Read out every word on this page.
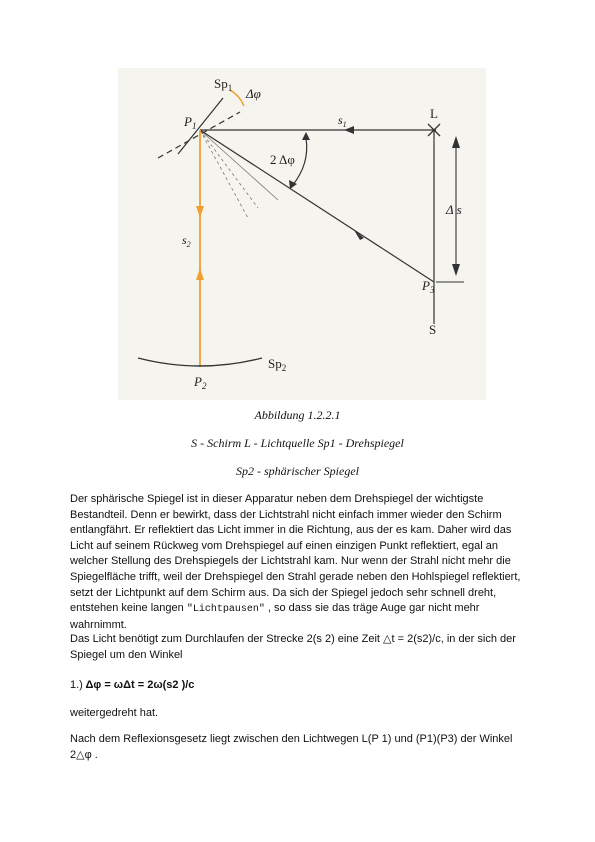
$Sp_1$ Δφ
$P_1$	$s_1$
L
2 Δφ
Δ s
$s_2$
$P_3$
S
$Sp_2$
$P_2$
Abbildung 1.2.2.1
S - Schirm L - Lichtquelle Sp1 - Drehspiegel
Sp2 - sphärischer Spiegel

Der sphärische Spiegel ist in dieser Apparatur neben dem Drehspiegel der wichtigste

Bestandteil. Denn er bewirkt, dass der Lichtstrahl nicht einfach immer wieder den Schirm

entlangfährt. Er reflektiert das Licht immer in die Richtung, aus der es kam. Daher wird das

Licht auf seinem Rückweg vom Drehspiegel auf einen einzigen Punkt reflektiert, egal an

welcher Stellung des Drehspiegels der Lichtstrahl kam. Nur wenn der Strahl nicht mehr die

Spiegelfläche trifft, weil der Drehspiegel den Strahl gerade neben den Hohlspiegel reflektiert,

setzt der Lichtpunkt auf dem Schirm aus. Da sich der Spiegel jedoch sehr schnell dreht,

entstehen keine langen "Lichtpausen" , so dass sie das träge Auge gar nicht mehr

wahrnimmt.

Das Licht benötigt zum Durchlaufen der Strecke 2(s 2) eine Zeit △t = 2(s2)/c, in der sich der

Spiegel um den Winkel

1.) Δφ = ωΔt = 2ω(s2 )/c
weitergedreht hat.

Nach dem Reflexionsgesetz liegt zwischen den Lichtwegen L(P 1) und (P1)(P3) der Winkel

2△φ .
